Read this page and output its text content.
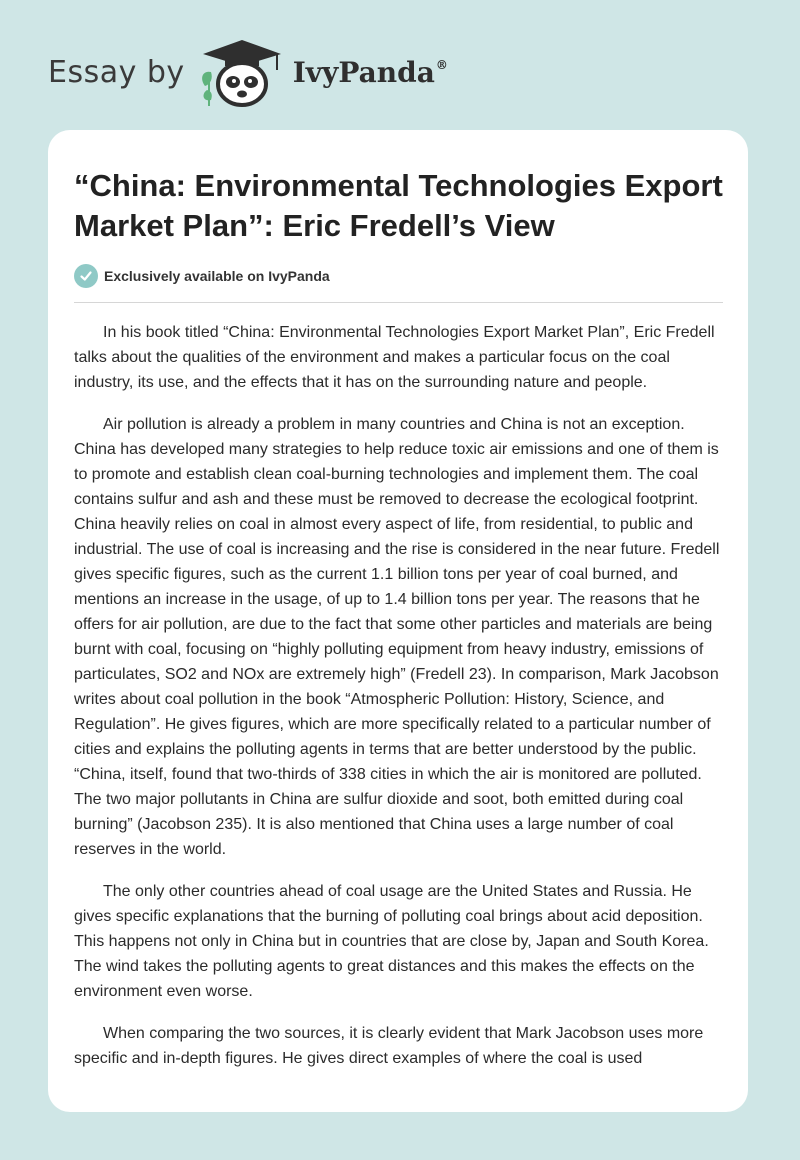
Essay by	IvyPanda®
“China: Environmental Technologies Export Market Plan”: Eric Fredell’s View
Exclusively available on IvyPanda

In his book titled “China: Environmental Technologies Export Market Plan”, Eric Fredell talks about the qualities of the environment and makes a particular focus on the coal industry, its use, and the effects that it has on the surrounding nature and people.

Air pollution is already a problem in many countries and China is not an exception. China has developed many strategies to help reduce toxic air emissions and one of them is to promote and establish clean coal-burning technologies and implement them. The coal contains sulfur and ash and these must be removed to decrease the ecological footprint. China heavily relies on coal in almost every aspect of life, from residential, to public and industrial. The use of coal is increasing and the rise is considered in the near future. Fredell gives specific figures, such as the current 1.1 billion tons per year of coal burned, and mentions an increase in the usage, of up to 1.4 billion tons per year. The reasons that he offers for air pollution, are due to the fact that some other particles and materials are being burnt with coal, focusing on “highly polluting equipment from heavy industry, emissions of particulates, SO2 and NOx are extremely high” (Fredell 23). In comparison, Mark Jacobson writes about coal pollution in the book “Atmospheric Pollution: History, Science, and Regulation”. He gives figures, which are more specifically related to a particular number of cities and explains the polluting agents in terms that are better understood by the public. “China, itself, found that two-thirds of 338 cities in which the air is monitored are polluted. The two major pollutants in China are sulfur dioxide and soot, both emitted during coal burning” (Jacobson 235). It is also mentioned that China uses a large number of coal reserves in the world.

The only other countries ahead of coal usage are the United States and Russia. He gives specific explanations that the burning of polluting coal brings about acid deposition. This happens not only in China but in countries that are close by, Japan and South Korea. The wind takes the polluting agents to great distances and this makes the effects on the environment even worse.

When comparing the two sources, it is clearly evident that Mark Jacobson uses more specific and in-depth figures. He gives direct examples of where the coal is used
